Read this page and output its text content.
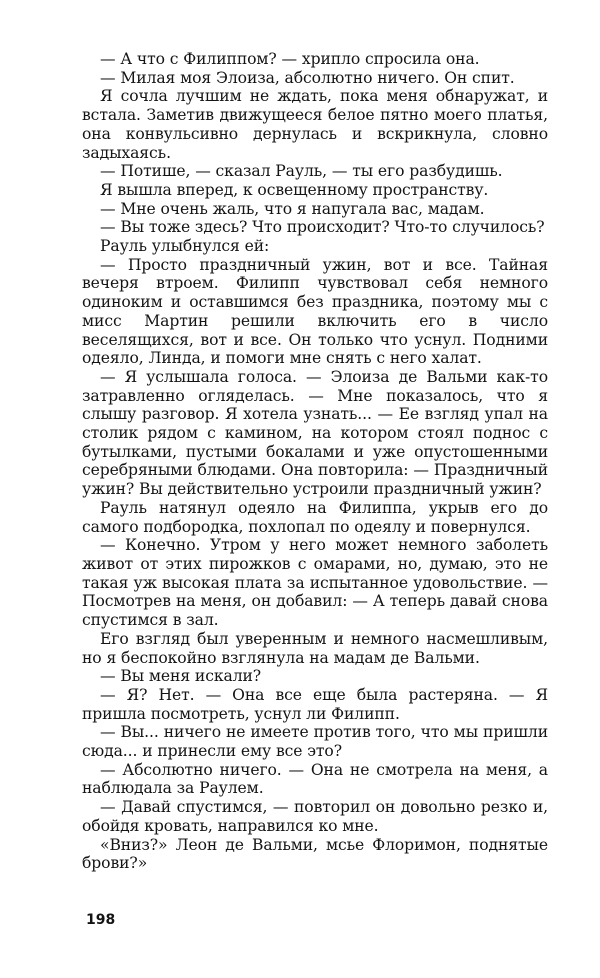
— А что с Филиппом? — хрипло спросила она.

— Милая моя Элоиза, абсолютно ничего. Он спит.

Я сочла лучшим не ждать, пока меня обнаружат, и встала. Заметив движущееся белое пятно моего платья, она конвульсивно дернулась и вскрикнула, словно задыхаясь.

— Потише, — сказал Рауль, — ты его разбудишь.

Я вышла вперед, к освещенному пространству.

— Мне очень жаль, что я напугала вас, мадам.

— Вы тоже здесь? Что происходит? Что-то случилось?

Рауль улыбнулся ей:

— Просто праздничный ужин, вот и все. Тайная вечеря втроем. Филипп чувствовал себя немного одиноким и оставшимся без праздника, поэтому мы с мисс Мартин решили включить его в число веселящихся, вот и все. Он только что уснул. Подними одеяло, Линда, и помоги мне снять с него халат.

— Я услышала голоса. — Элоиза де Вальми как-то затравленно огляделась. — Мне показалось, что я слышу разговор. Я хотела узнать... — Ее взгляд упал на столик рядом с камином, на котором стоял поднос с бутылками, пустыми бокалами и уже опустошенными серебряными блюдами. Она повторила: — Праздничный ужин? Вы действительно устроили праздничный ужин?

Рауль натянул одеяло на Филиппа, укрыв его до самого подбородка, похлопал по одеялу и повернулся.

— Конечно. Утром у него может немного заболеть живот от этих пирожков с омарами, но, думаю, это не такая уж высокая плата за испытанное удовольствие. — Посмотрев на меня, он добавил: — А теперь давай снова спустимся в зал.

Его взгляд был уверенным и немного насмешливым, но я беспокойно взглянула на мадам де Вальми.

— Вы меня искали?

— Я? Нет. — Она все еще была растеряна. — Я пришла посмотреть, уснул ли Филипп.

— Вы... ничего не имеете против того, что мы пришли сюда... и принесли ему все это?

— Абсолютно ничего. — Она не смотрела на меня, а наблюдала за Раулем.

— Давай спустимся, — повторил он довольно резко и, обойдя кровать, направился ко мне.

«Вниз?» Леон де Вальми, мсье Флоримон, поднятые брови?»

198
